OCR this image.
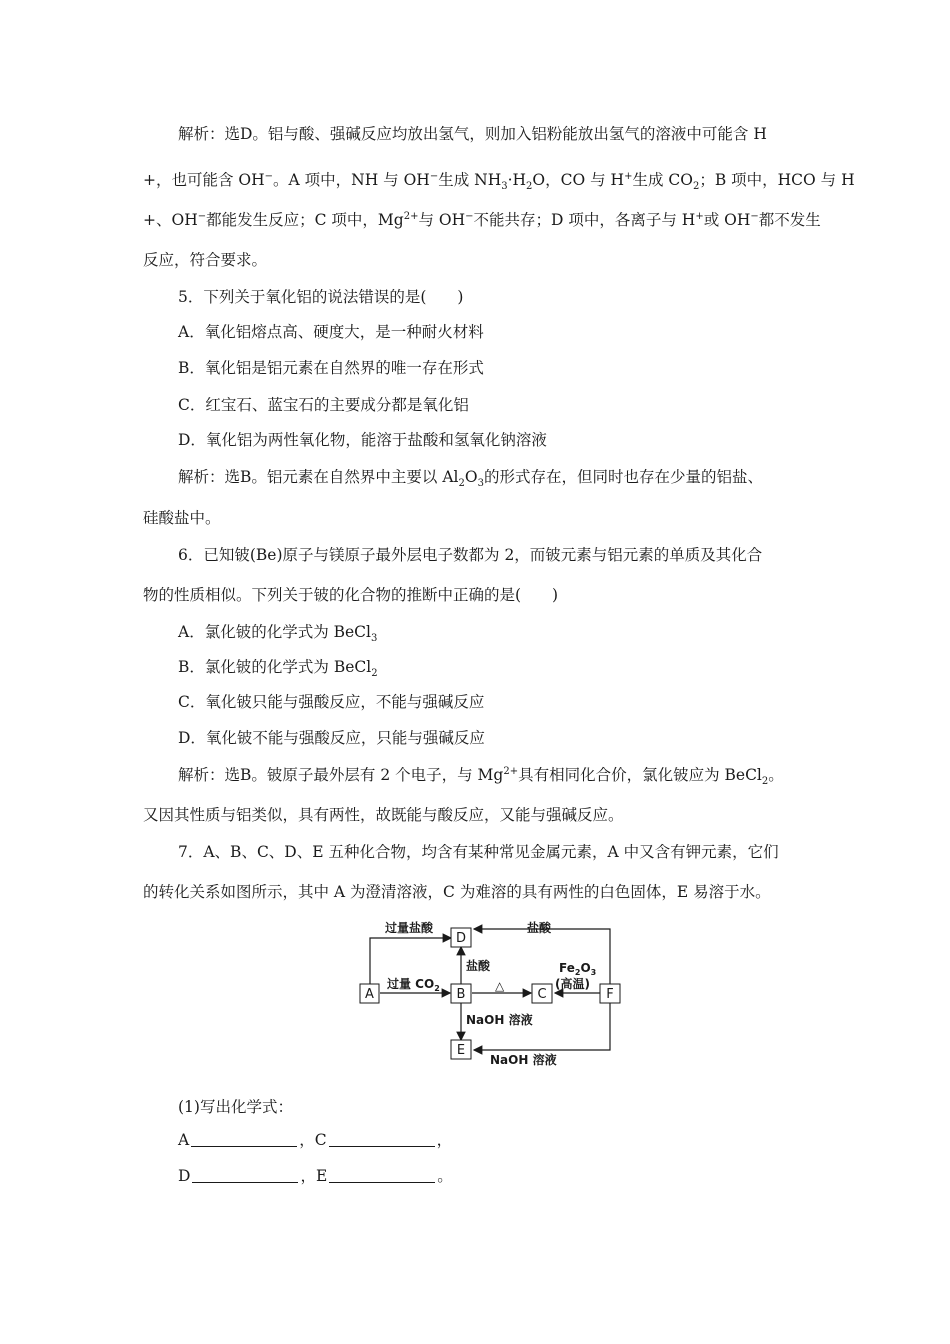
解析：选D。铝与酸、强碱反应均放出氢气，则加入铝粉能放出氢气的溶液中可能含 H
+，也可能含 OH−。A 项中，NH 与 OH−生成 $NH_3\cdot H_2O$，CO 与 H+生成 $CO_2$；B 项中，HCO 与 H
+、OH−都能发生反应；C 项中，$Mg^{2+}$与 OH−不能共存；D 项中，各离子与 H+或 OH−都不发生
反应，符合要求。
5．下列关于氧化铝的说法错误的是(　　)
A．氧化铝熔点高、硬度大，是一种耐火材料
B．氧化铝是铝元素在自然界的唯一存在形式
C．红宝石、蓝宝石的主要成分都是氧化铝
D．氧化铝为两性氧化物，能溶于盐酸和氢氧化钠溶液
解析：选B。铝元素在自然界中主要以 $Al_2O_3$的形式存在，但同时也存在少量的铝盐、
硅酸盐中。
6．已知铍(Be)原子与镁原子最外层电子数都为 2，而铍元素与铝元素的单质及其化合
物的性质相似。下列关于铍的化合物的推断中正确的是(　　)
A．氯化铍的化学式为 BeCl$_3$
B．氯化铍的化学式为 BeCl$_2$
C．氧化铍只能与强酸反应，不能与强碱反应
D．氧化铍不能与强酸反应，只能与强碱反应
解析：选B。铍原子最外层有 2 个电子，与 $Mg^{2+}$具有相同化合价，氯化铍应为 BeCl$_2$。
又因其性质与铝类似，具有两性，故既能与酸反应，又能与强碱反应。
7．A、B、C、D、E 五种化合物，均含有某种常见金属元素，A 中又含有钾元素，它们
的转化关系如图所示，其中 A 为澄清溶液，C 为难溶的具有两性的白色固体，E 易溶于水。
A
D
B	C	F
E
过量盐酸	盐酸
盐酸
过量 $CO_2$	△
$Fe_2O_3$
(高温)
NaOH 溶液
NaOH 溶液
(1)写出化学式：
A	，C	，
D	，E	。
